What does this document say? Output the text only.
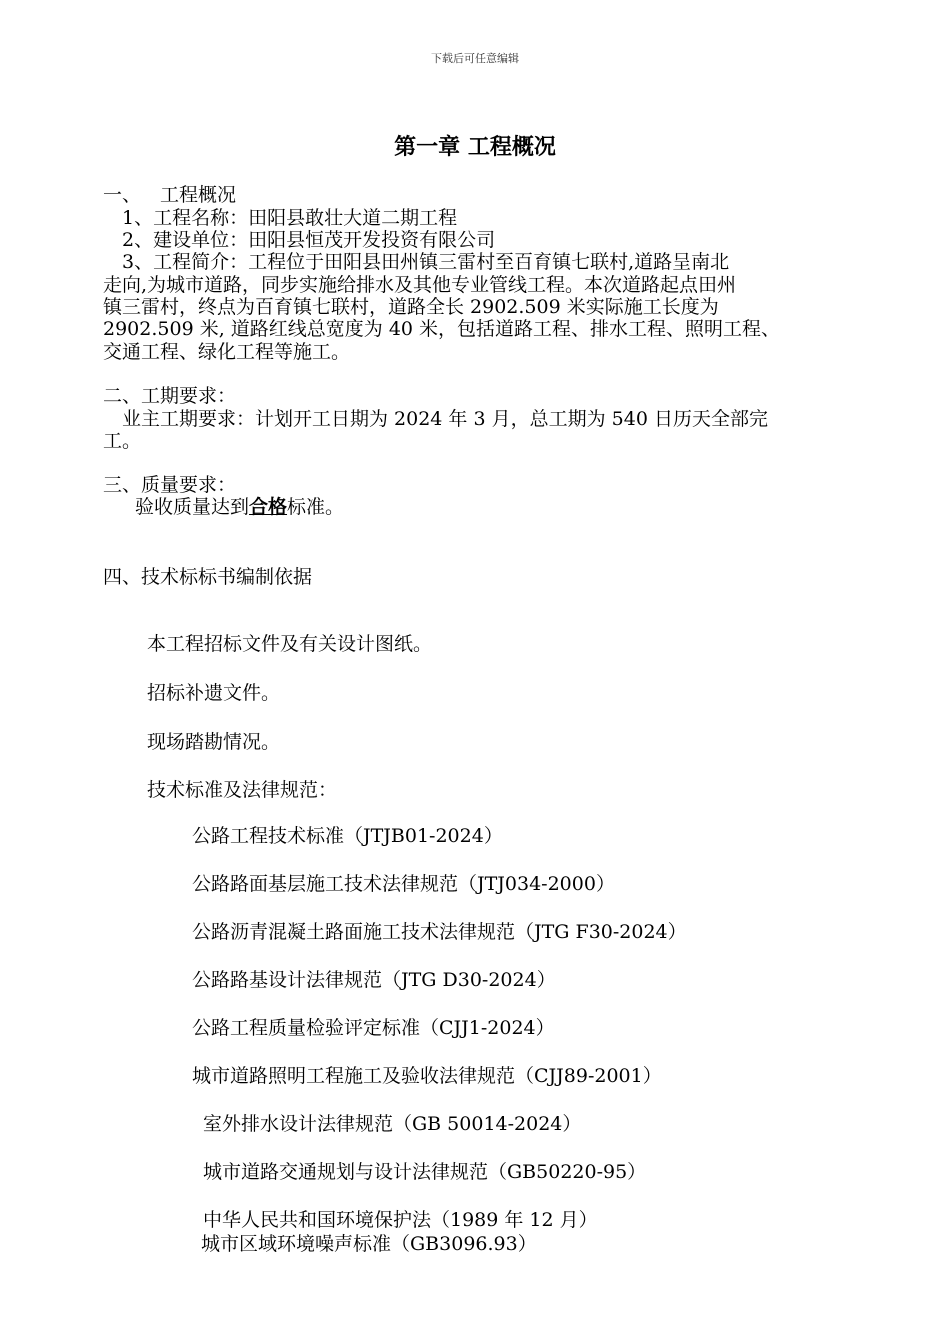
下载后可任意编辑
第一章 工程概况
一、 工程概况
1、工程名称：田阳县敢壮大道二期工程
2、建设单位：田阳县恒茂开发投资有限公司
3、工程简介：工程位于田阳县田州镇三雷村至百育镇七联村,道路呈南北
走向,为城市道路，同步实施给排水及其他专业管线工程。本次道路起点田州
镇三雷村，终点为百育镇七联村，道路全长 2902.509 米实际施工长度为
2902.509 米, 道路红线总宽度为 40 米，包括道路工程、排水工程、照明工程、
交通工程、绿化工程等施工。
二、工期要求：
业主工期要求：计划开工日期为 2024 年 3 月，总工期为 540 日历天全部完
工。
三、质量要求：
验收质量达到合格标准。
四、技术标标书编制依据
本工程招标文件及有关设计图纸。
招标补遗文件。
现场踏勘情况。
技术标准及法律规范：
公路工程技术标准（JTJB01-2024）
公路路面基层施工技术法律规范（JTJ034-2000）
公路沥青混凝土路面施工技术法律规范（JTG F30-2024）
公路路基设计法律规范（JTG D30-2024）
公路工程质量检验评定标准（CJJ1-2024）
城市道路照明工程施工及验收法律规范（CJJ89-2001）
室外排水设计法律规范（GB 50014-2024）
城市道路交通规划与设计法律规范（GB50220-95）
中华人民共和国环境保护法（1989 年 12 月）
城市区域环境噪声标准（GB3096.93）
